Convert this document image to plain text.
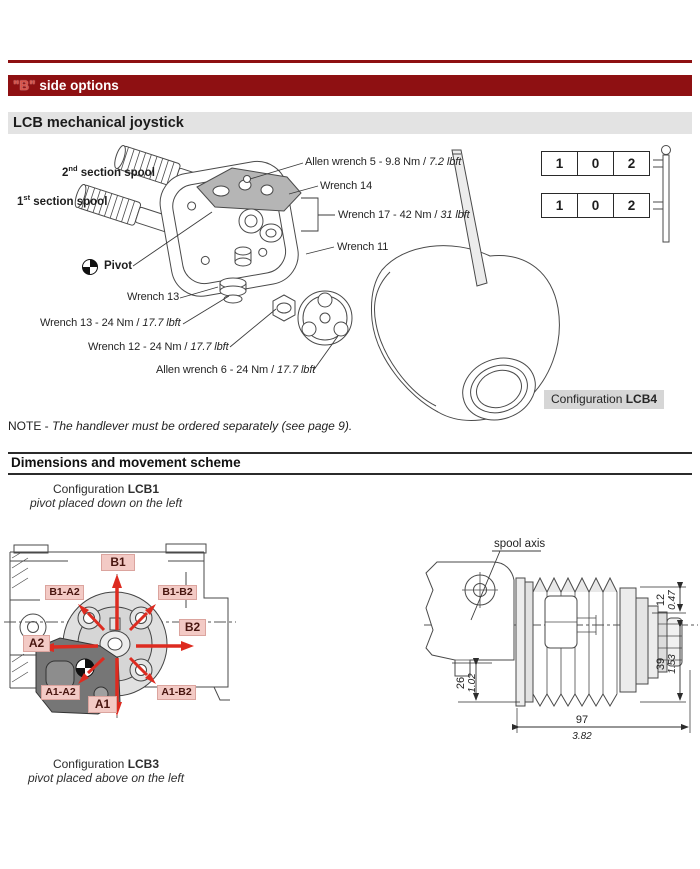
"B" side options
LCB mechanical joystick
2nd section spool
1st section spool
Pivot
Allen wrench 5 - 9.8 Nm / 7.2 lbft
Wrench 14
Wrench 17 - 42 Nm / 31 lbft
Wrench 11
Wrench 13
Wrench 13 - 24 Nm / 17.7 lbft
Wrench 12 - 24 Nm / 17.7 lbft
Allen wrench 6 - 24 Nm / 17.7 lbft
1	0	2
1	0	2
Configuration LCB4
NOTE - The handlever must be ordered separately (see page 9).
Dimensions and movement scheme
Configuration LCB1
pivot placed down on the left
B1
B1-A2	B1-B2
A2
B2
A1-A2
A1
A1-B2
spool axis
12 0.47
39 1.53
26 1.02
97
3.82
Configuration LCB3
pivot placed above on the left
